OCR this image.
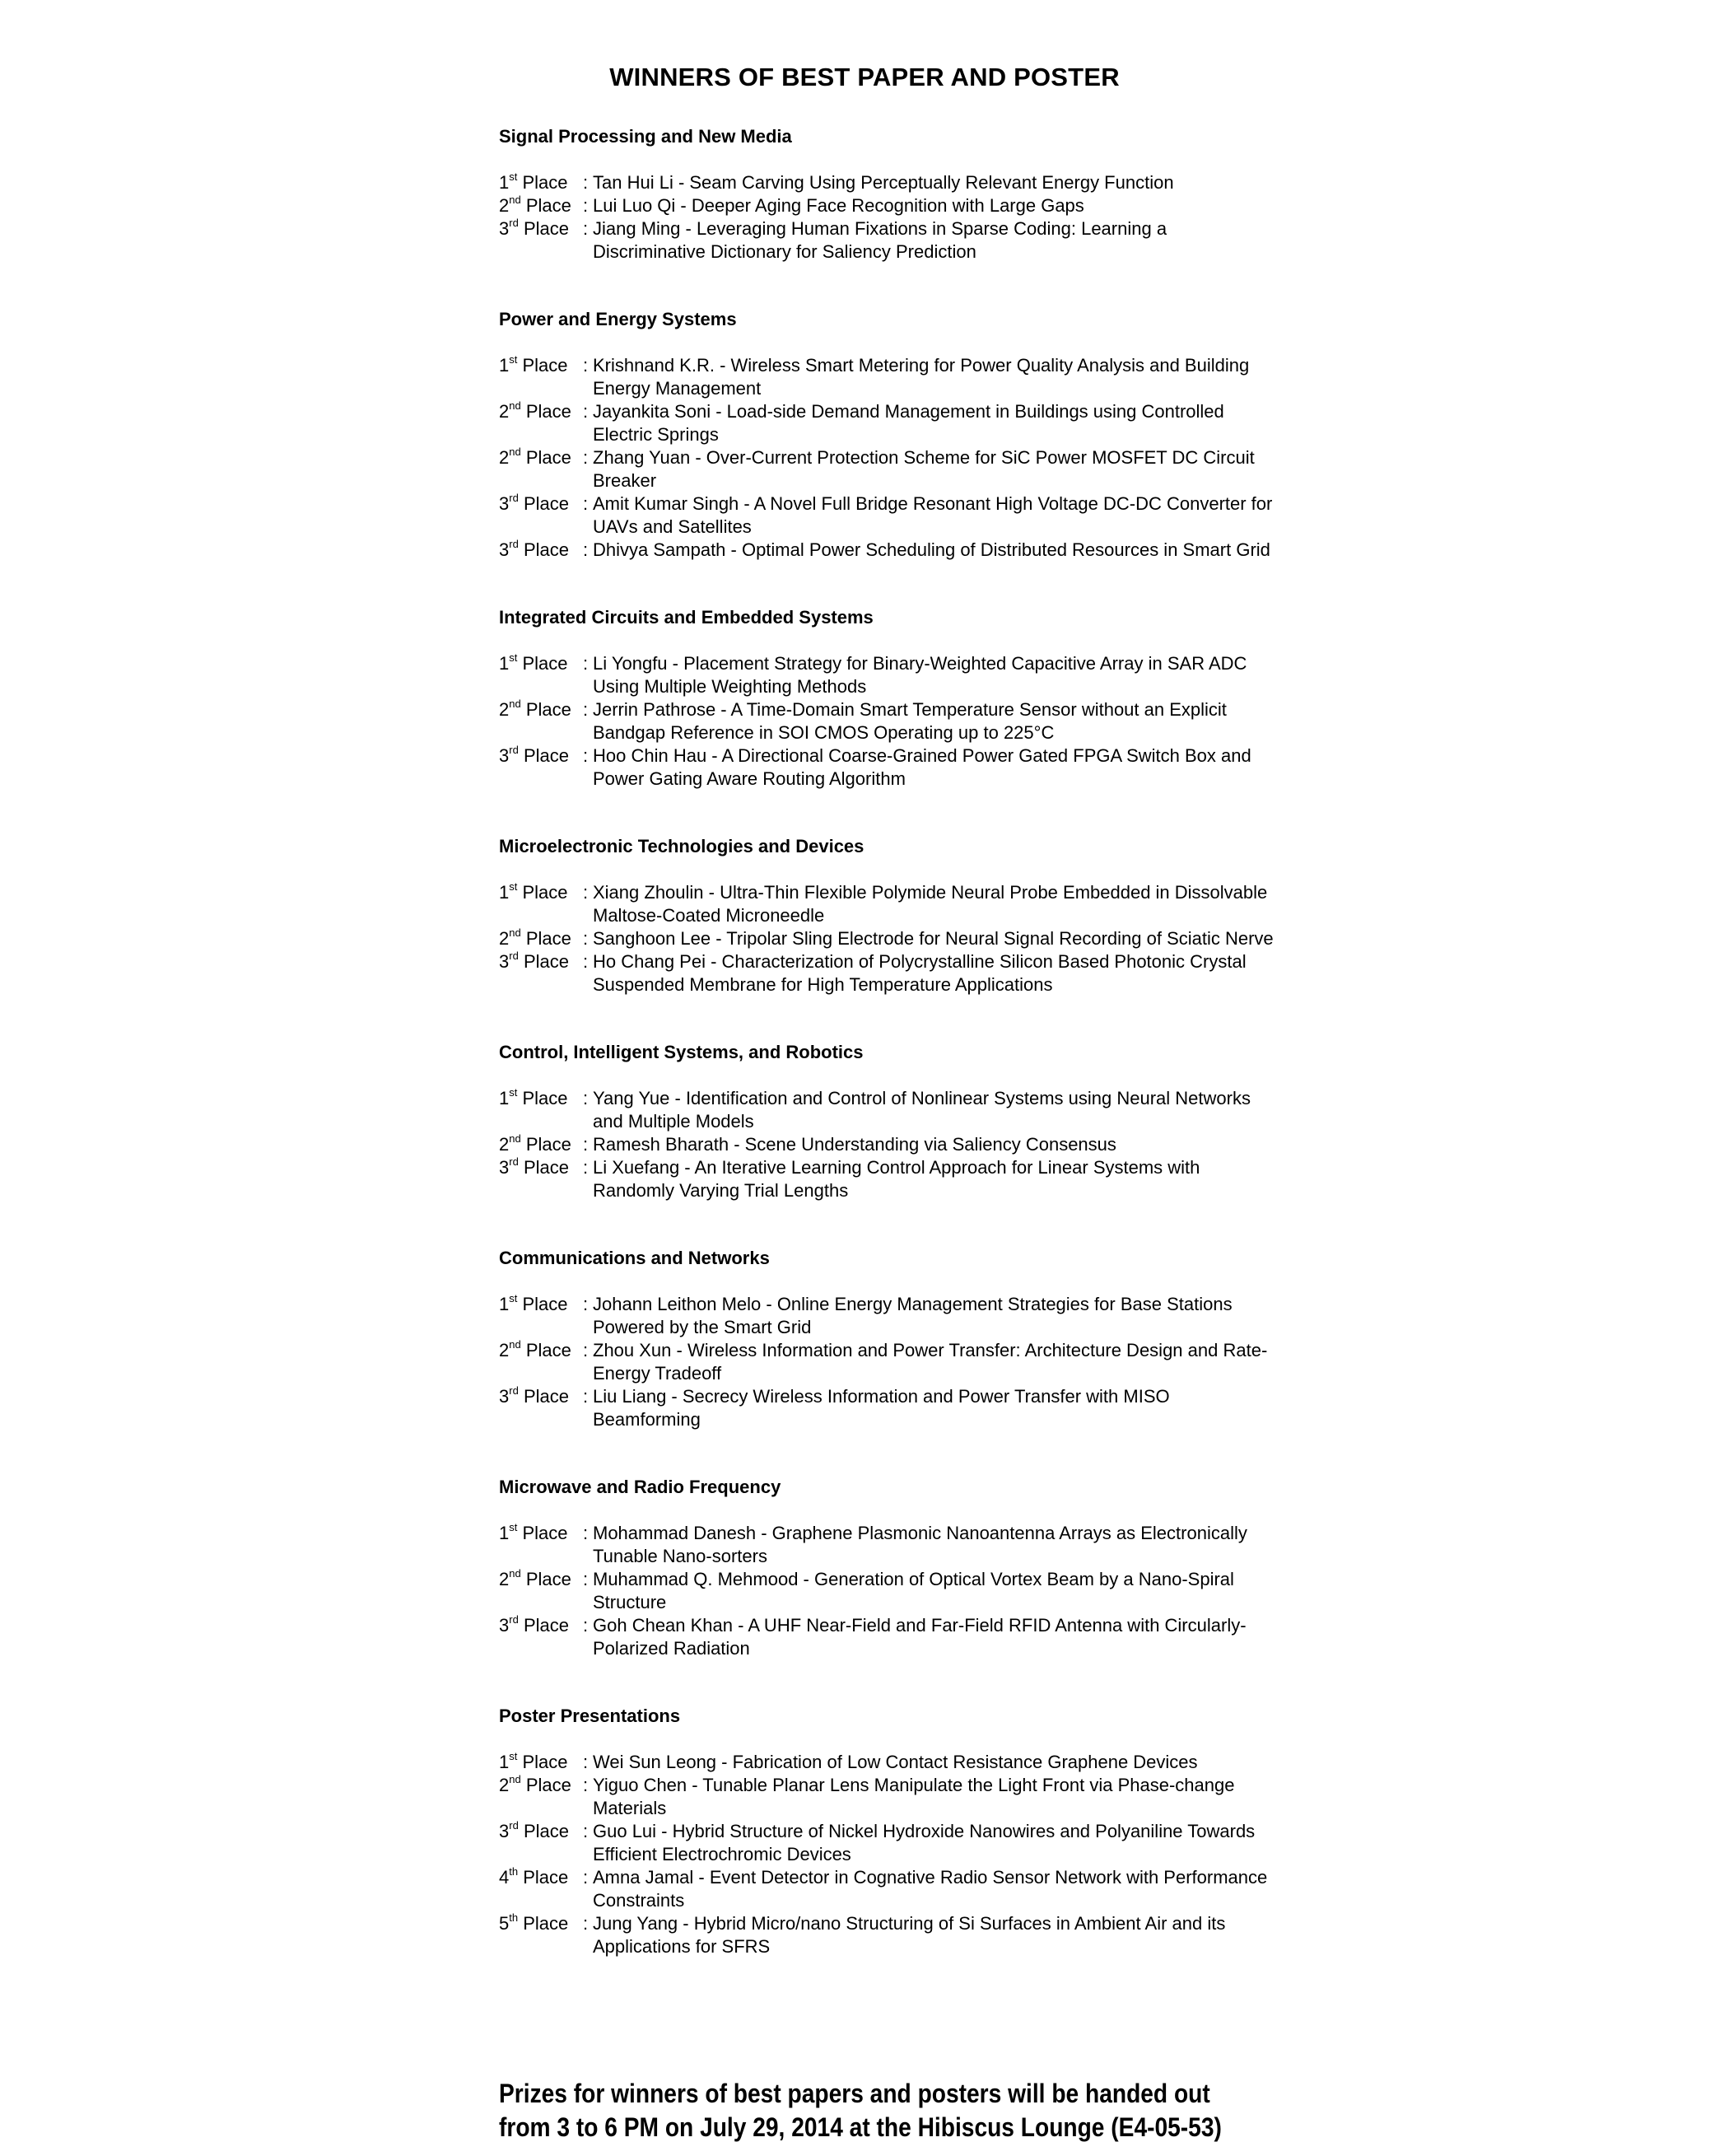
WINNERS OF BEST PAPER AND POSTER
Signal Processing and New Media
1st Place : Tan Hui Li - Seam Carving Using Perceptually Relevant Energy Function
2nd Place : Lui Luo Qi - Deeper Aging Face Recognition with Large Gaps
3rd Place : Jiang Ming - Leveraging Human Fixations in Sparse Coding: Learning a Discriminative Dictionary for Saliency Prediction
Power and Energy Systems
1st Place : Krishnand K.R. - Wireless Smart Metering for Power Quality Analysis and Building Energy Management
2nd Place : Jayankita Soni - Load-side Demand Management in Buildings using Controlled Electric Springs
2nd Place : Zhang Yuan - Over-Current Protection Scheme for SiC Power MOSFET DC Circuit Breaker
3rd Place : Amit Kumar Singh - A Novel Full Bridge Resonant High Voltage DC-DC Converter for UAVs and Satellites
3rd Place : Dhivya Sampath - Optimal Power Scheduling of Distributed Resources in Smart Grid
Integrated Circuits and Embedded Systems
1st Place : Li Yongfu - Placement Strategy for Binary-Weighted Capacitive Array in SAR ADC Using Multiple Weighting Methods
2nd Place : Jerrin Pathrose - A Time-Domain Smart Temperature Sensor without an Explicit Bandgap Reference in SOI CMOS Operating up to 225°C
3rd Place : Hoo Chin Hau - A Directional Coarse-Grained Power Gated FPGA Switch Box and Power Gating Aware Routing Algorithm
Microelectronic Technologies and Devices
1st Place : Xiang Zhoulin - Ultra-Thin Flexible Polymide Neural Probe Embedded in Dissolvable Maltose-Coated Microneedle
2nd Place : Sanghoon Lee - Tripolar Sling Electrode for Neural Signal Recording of Sciatic Nerve
3rd Place : Ho Chang Pei - Characterization of Polycrystalline Silicon Based Photonic Crystal Suspended Membrane for High Temperature Applications
Control, Intelligent Systems, and Robotics
1st Place : Yang Yue - Identification and Control of Nonlinear Systems using Neural Networks and Multiple Models
2nd Place : Ramesh Bharath - Scene Understanding via Saliency Consensus
3rd Place : Li Xuefang - An Iterative Learning Control Approach for Linear Systems with Randomly Varying Trial Lengths
Communications and Networks
1st Place : Johann Leithon Melo - Online Energy Management Strategies for Base Stations Powered by the Smart Grid
2nd Place : Zhou Xun - Wireless Information and Power Transfer: Architecture Design and Rate-Energy Tradeoff
3rd Place : Liu Liang - Secrecy Wireless Information and Power Transfer with MISO Beamforming
Microwave and Radio Frequency
1st Place : Mohammad Danesh - Graphene Plasmonic Nanoantenna Arrays as Electronically Tunable Nano-sorters
2nd Place : Muhammad Q. Mehmood - Generation of Optical Vortex Beam by a Nano-Spiral Structure
3rd Place : Goh Chean Khan - A UHF Near-Field and Far-Field RFID Antenna with Circularly-Polarized Radiation
Poster Presentations
1st Place : Wei Sun Leong - Fabrication of Low Contact Resistance Graphene Devices
2nd Place : Yiguo Chen - Tunable Planar Lens Manipulate the Light Front via Phase-change Materials
3rd Place : Guo Lui - Hybrid Structure of Nickel Hydroxide Nanowires and Polyaniline Towards Efficient Electrochromic Devices
4th Place : Amna Jamal - Event Detector in Cognative Radio Sensor Network with Performance Constraints
5th Place : Jung Yang - Hybrid Micro/nano Structuring of Si Surfaces in Ambient Air and its Applications for SFRS
Prizes for winners of best papers and posters will be handed out
from 3 to 6 PM on July 29, 2014 at the Hibiscus Lounge (E4-05-53)
